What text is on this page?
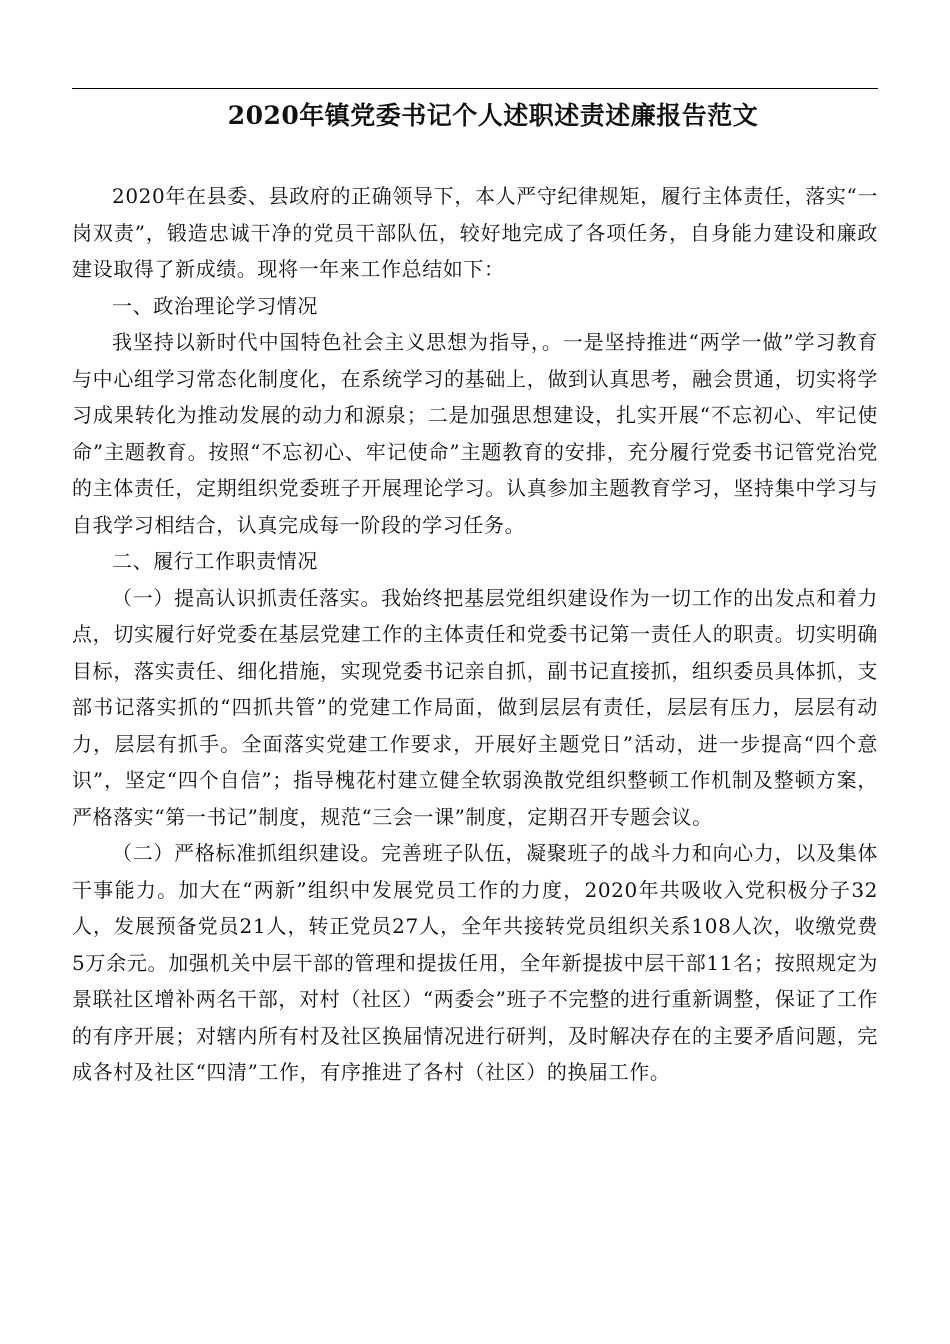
2020年镇党委书记个人述职述责述廉报告范文

2020年在县委、县政府的正确领导下，本人严守纪律规矩，履行主体责任，落实“一岗双责”，锻造忠诚干净的党员干部队伍，较好地完成了各项任务，自身能力建设和廉政建设取得了新成绩。现将一年来工作总结如下：

一、政治理论学习情况

我坚持以新时代中国特色社会主义思想为指导，。一是坚持推进“两学一做”学习教育与中心组学习常态化制度化，在系统学习的基础上，做到认真思考，融会贯通，切实将学习成果转化为推动发展的动力和源泉；二是加强思想建设，扎实开展“不忘初心、牢记使命”主题教育。按照“不忘初心、牢记使命”主题教育的安排，充分履行党委书记管党治党的主体责任，定期组织党委班子开展理论学习。认真参加主题教育学习，坚持集中学习与自我学习相结合，认真完成每一阶段的学习任务。

二、履行工作职责情况

（一）提高认识抓责任落实。我始终把基层党组织建设作为一切工作的出发点和着力点，切实履行好党委在基层党建工作的主体责任和党委书记第一责任人的职责。切实明确目标，落实责任、细化措施，实现党委书记亲自抓，副书记直接抓，组织委员具体抓，支部书记落实抓的“四抓共管”的党建工作局面，做到层层有责任，层层有压力，层层有动力，层层有抓手。全面落实党建工作要求，开展好主题党日”活动，进一步提高“四个意识”，坚定“四个自信”；指导槐花村建立健全软弱涣散党组织整顿工作机制及整顿方案，严格落实“第一书记”制度，规范“三会一课”制度，定期召开专题会议。

（二）严格标准抓组织建设。完善班子队伍，凝聚班子的战斗力和向心力，以及集体干事能力。加大在“两新”组织中发展党员工作的力度，2020年共吸收入党积极分子32人，发展预备党员21人，转正党员27人，全年共接转党员组织关系108人次，收缴党费5万余元。加强机关中层干部的管理和提拔任用，全年新提拔中层干部11名；按照规定为景联社区增补两名干部，对村（社区）“两委会”班子不完整的进行重新调整，保证了工作的有序开展；对辖内所有村及社区换届情况进行研判，及时解决存在的主要矛盾问题，完成各村及社区“四清”工作，有序推进了各村（社区）的换届工作。
